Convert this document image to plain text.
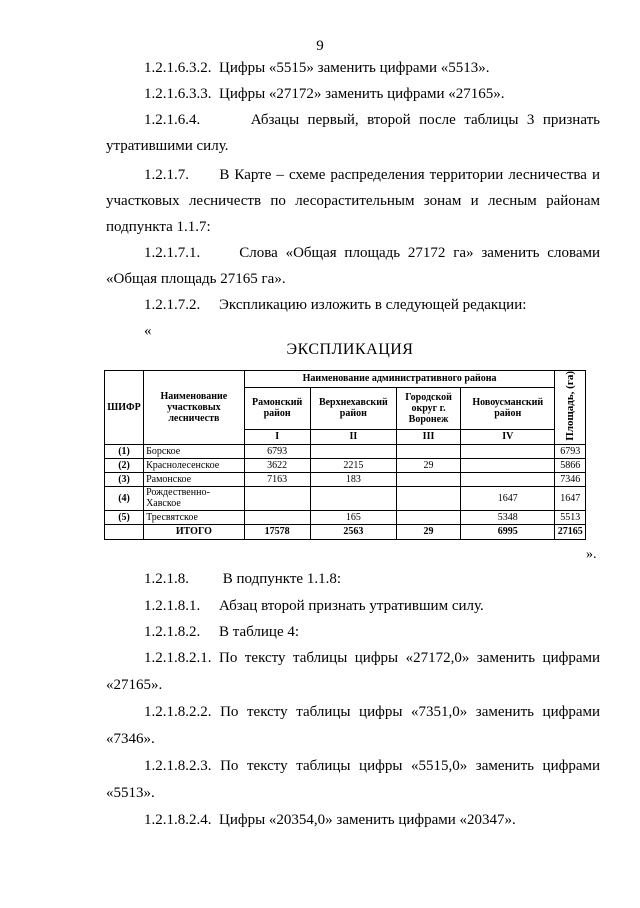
9
1.2.1.6.3.2. Цифры «5515» заменить цифрами «5513».
1.2.1.6.3.3. Цифры «27172» заменить цифрами «27165».
1.2.1.6.4.	Абзацы первый, второй после таблицы 3 признать
утратившими силу.
1.2.1.7. В Карте – схеме распределения территории лесничества и
участковых лесничеств по лесорастительным зонам и лесным районам
подпункта 1.1.7:
1.2.1.7.1.	Слова «Общая площадь 27172 га» заменить словами
«Общая площадь 27165 га».
1.2.1.7.2. Экспликацию изложить в следующей редакции:
«
ЭКСПЛИКАЦИЯ
ШИФР	Наименование участковых лесничеств	Наименование административного района				Площадь, (га)
		Рамонский район	Верхнехавский район	Городской округ г. Воронеж	Новоусманский район	
		I	II	III	IV	
(1)	Борское	6793				6793
(2)	Краснолесенское	3622	2215	29		5866
(3)	Рамонское	7163	183			7346
(4)	Рождественно-Хавское				1647	1647
(5)	Тресвятское		165		5348	5513
	ИТОГО	17578	2563	29	6995	27165
».
1.2.1.8. В подпункте 1.1.8:
1.2.1.8.1. Абзац второй признать утратившим силу.
1.2.1.8.2. В таблице 4:
1.2.1.8.2.1. По тексту таблицы цифры «27172,0» заменить цифрами
«27165».
1.2.1.8.2.2. По тексту таблицы цифры «7351,0» заменить цифрами
«7346».
1.2.1.8.2.3. По тексту таблицы цифры «5515,0» заменить цифрами
«5513».
1.2.1.8.2.4. Цифры «20354,0» заменить цифрами «20347».
